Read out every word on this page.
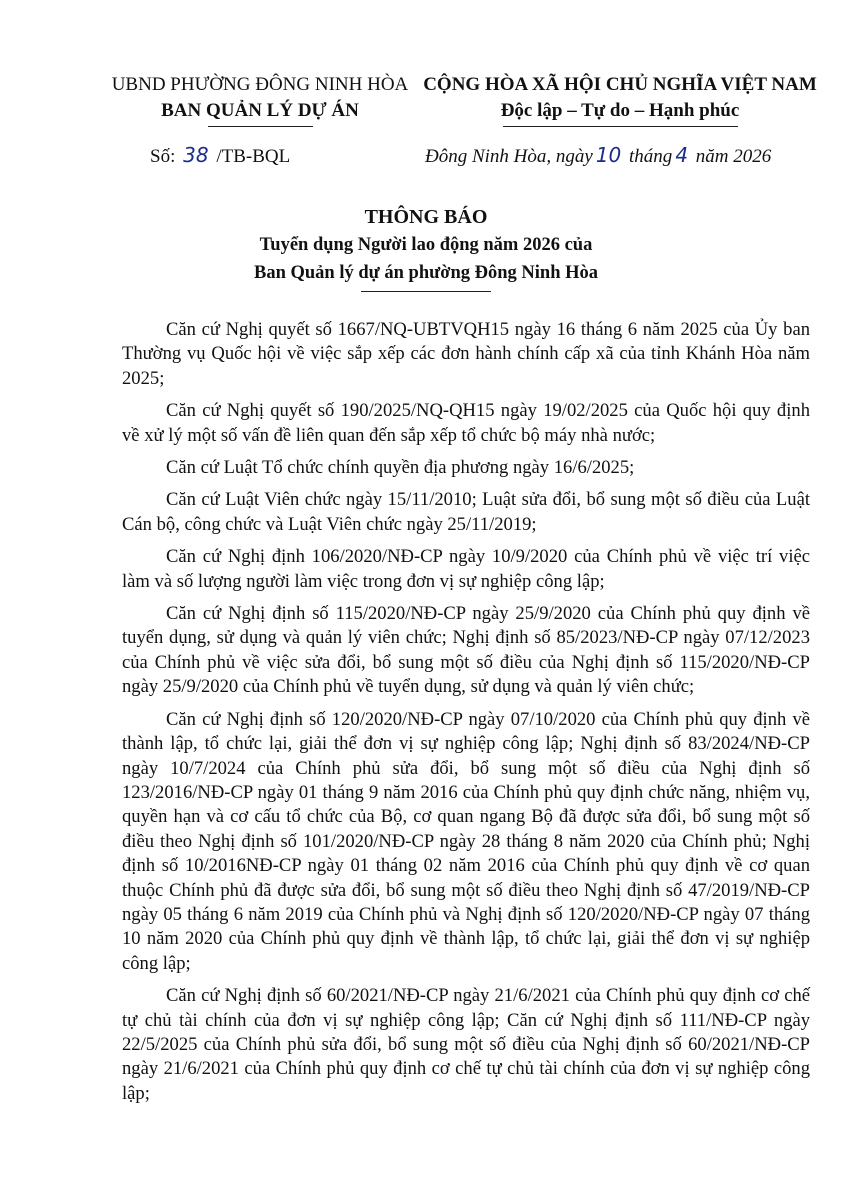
UBND PHƯỜNG ĐÔNG NINH HÒA
BAN QUẢN LÝ DỰ ÁN
CỘNG HÒA XÃ HỘI CHỦ NGHĨA VIỆT NAM
Độc lập – Tự do – Hạnh phúc
Số: 38 /TB-BQL	Đông Ninh Hòa, ngày 10 tháng 4 năm 2026
THÔNG BÁO
Tuyển dụng Người lao động năm 2026 của
Ban Quản lý dự án phường Đông Ninh Hòa

Căn cứ Nghị quyết số 1667/NQ-UBTVQH15 ngày 16 tháng 6 năm 2025 của Ủy ban Thường vụ Quốc hội về việc sắp xếp các đơn hành chính cấp xã của tỉnh Khánh Hòa năm 2025;

Căn cứ Nghị quyết số 190/2025/NQ-QH15 ngày 19/02/2025 của Quốc hội quy định về xử lý một số vấn đề liên quan đến sắp xếp tổ chức bộ máy nhà nước;

Căn cứ Luật Tổ chức chính quyền địa phương ngày 16/6/2025;

Căn cứ Luật Viên chức ngày 15/11/2010; Luật sửa đổi, bổ sung một số điều của Luật Cán bộ, công chức và Luật Viên chức ngày 25/11/2019;

Căn cứ Nghị định 106/2020/NĐ-CP ngày 10/9/2020 của Chính phủ về việc trí việc làm và số lượng người làm việc trong đơn vị sự nghiệp công lập;

Căn cứ Nghị định số 115/2020/NĐ-CP ngày 25/9/2020 của Chính phủ quy định về tuyển dụng, sử dụng và quản lý viên chức; Nghị định số 85/2023/NĐ-CP ngày 07/12/2023 của Chính phủ về việc sửa đổi, bổ sung một số điều của Nghị định số 115/2020/NĐ-CP ngày 25/9/2020 của Chính phủ về tuyển dụng, sử dụng và quản lý viên chức;

Căn cứ Nghị định số 120/2020/NĐ-CP ngày 07/10/2020 của Chính phủ quy định về thành lập, tổ chức lại, giải thể đơn vị sự nghiệp công lập; Nghị định số 83/2024/NĐ-CP ngày 10/7/2024 của Chính phủ sửa đổi, bổ sung một số điều của Nghị định số 123/2016/NĐ-CP ngày 01 tháng 9 năm 2016 của Chính phủ quy định chức năng, nhiệm vụ, quyền hạn và cơ cấu tổ chức của Bộ, cơ quan ngang Bộ đã được sửa đổi, bổ sung một số điều theo Nghị định số 101/2020/NĐ-CP ngày 28 tháng 8 năm 2020 của Chính phủ; Nghị định số 10/2016NĐ-CP ngày 01 tháng 02 năm 2016 của Chính phủ quy định về cơ quan thuộc Chính phủ đã được sửa đổi, bổ sung một số điều theo Nghị định số 47/2019/NĐ-CP ngày 05 tháng 6 năm 2019 của Chính phủ và Nghị định số 120/2020/NĐ-CP ngày 07 tháng 10 năm 2020 của Chính phủ quy định về thành lập, tổ chức lại, giải thể đơn vị sự nghiệp công lập;

Căn cứ Nghị định số 60/2021/NĐ-CP ngày 21/6/2021 của Chính phủ quy định cơ chế tự chủ tài chính của đơn vị sự nghiệp công lập; Căn cứ Nghị định số 111/NĐ-CP ngày 22/5/2025 của Chính phủ sửa đổi, bổ sung một số điều của Nghị định số 60/2021/NĐ-CP ngày 21/6/2021 của Chính phủ quy định cơ chế tự chủ tài chính của đơn vị sự nghiệp công lập;
